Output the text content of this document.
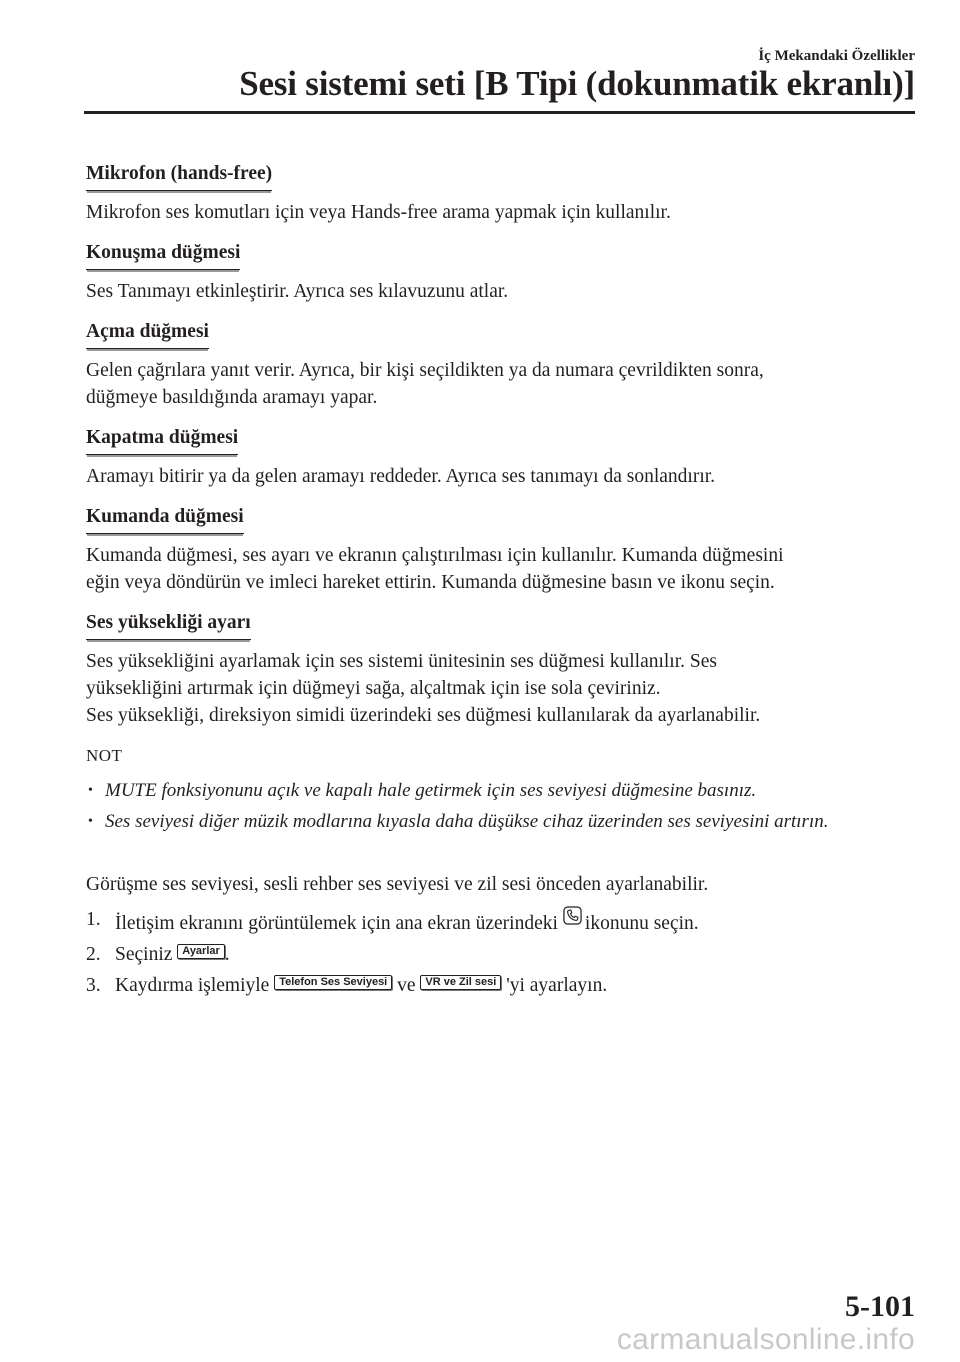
İç Mekandaki Özellikler
Sesi sistemi seti [B Tipi (dokunmatik ekranlı)]
Mikrofon (hands-free)
Mikrofon ses komutları için veya Hands-free arama yapmak için kullanılır.
Konuşma düğmesi
Ses Tanımayı etkinleştirir. Ayrıca ses kılavuzunu atlar.
Açma düğmesi
Gelen çağrılara yanıt verir. Ayrıca, bir kişi seçildikten ya da numara çevrildikten sonra,
düğmeye basıldığında aramayı yapar.
Kapatma düğmesi
Aramayı bitirir ya da gelen aramayı reddeder. Ayrıca ses tanımayı da sonlandırır.
Kumanda düğmesi
Kumanda düğmesi, ses ayarı ve ekranın çalıştırılması için kullanılır. Kumanda düğmesini
eğin veya döndürün ve imleci hareket ettirin. Kumanda düğmesine basın ve ikonu seçin.
Ses yüksekliği ayarı
Ses yüksekliğini ayarlamak için ses sistemi ünitesinin ses düğmesi kullanılır. Ses
yüksekliğini artırmak için düğmeyi sağa, alçaltmak için ise sola çeviriniz.
Ses yüksekliği, direksiyon simidi üzerindeki ses düğmesi kullanılarak da ayarlanabilir.
NOT
• MUTE fonksiyonunu açık ve kapalı hale getirmek için ses seviyesi düğmesine basınız.
• Ses seviyesi diğer müzik modlarına kıyasla daha düşükse cihaz üzerinden ses seviyesini artırın.
Görüşme ses seviyesi, sesli rehber ses seviyesi ve zil sesi önceden ayarlanabilir.
1. İletişim ekranını görüntülemek için ana ekran üzerindeki ikonunu seçin.
2. Seçiniz Ayarlar .
3. Kaydırma işlemiyle Telefon Ses Seviyesi ve VR ve Zil sesi 'yi ayarlayın.
5-101
carmanualsonline.info
